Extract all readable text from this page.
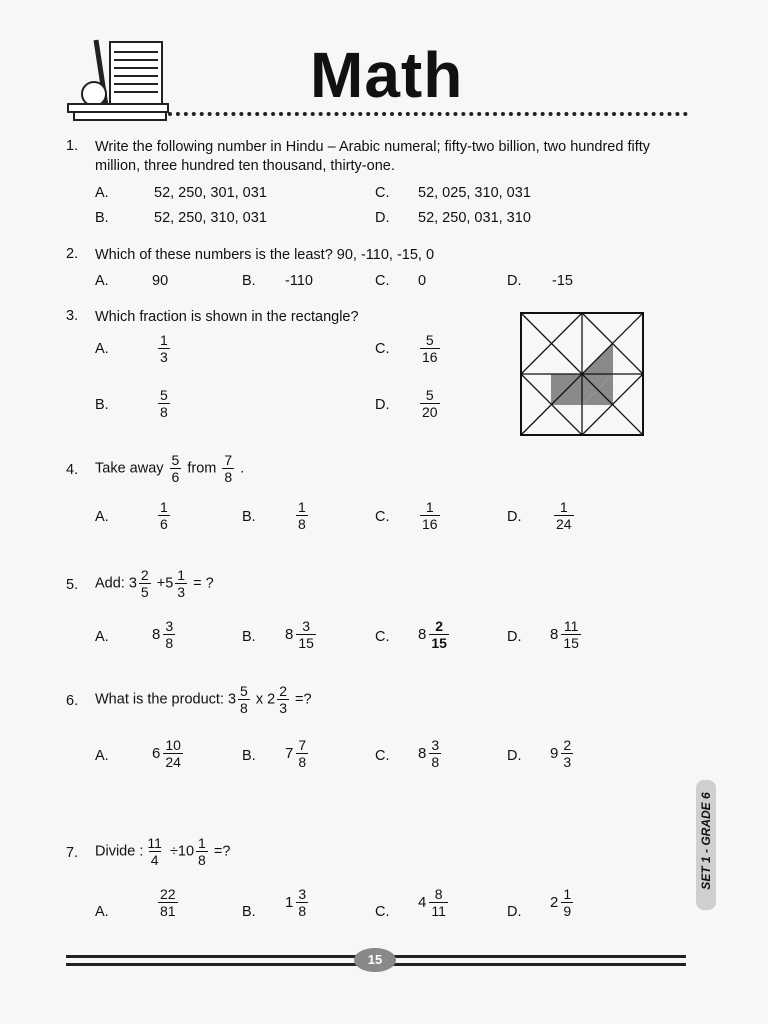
Math
1. Write the following number in Hindu – Arabic numeral; fifty-two billion, two hundred fifty
million, three hundred ten thousand, thirty-one.
A.	52, 250, 301, 031	C. 52, 025, 310, 031
B.	52, 250, 310, 031	D. 52, 250, 031, 310
2. Which of these numbers is the least? 90, -110, -15, 0
A.	90	B. -110	C. 0	D. -15
3. Which fraction is shown in the rectangle?
A.	$\frac{1}{3}$	C. $\frac{5}{16}$
B.	$\frac{5}{8}$	D. $\frac{5}{20}$
4. Take away $\frac{5}{6}$ from $\frac{7}{8}$ .
A.	$\frac{1}{6}$	B.	$\frac{1}{8}$	C. $\frac{1}{16}$	D. $\frac{1}{24}$
5. Add: $3 \frac{2}{5} +5 \frac{1}{3}$ = ?
A.	$8 \frac{3}{8}$	B. $8 \frac{3}{15}$	C. $8 \frac{2}{15}$	D. $8 \frac{11}{15}$
6. What is the product: $3 \frac{5}{8}$ x $2 \frac{2}{3}$ =?
A.	$6 \frac{10}{24}$	B. $7 \frac{7}{8}$	C. $8 \frac{3}{8}$	D. $9 \frac{2}{3}$
7. Divide : $\frac{11}{4} \div 10 \frac{1}{8}$ =?
A.	$\frac{22}{81}$	B.
$1 \frac{3}{8}$	C.
$4 \frac{8}{11}$	D.
$2 \frac{1}{9}$
SET 1 - GRADE 6
15
